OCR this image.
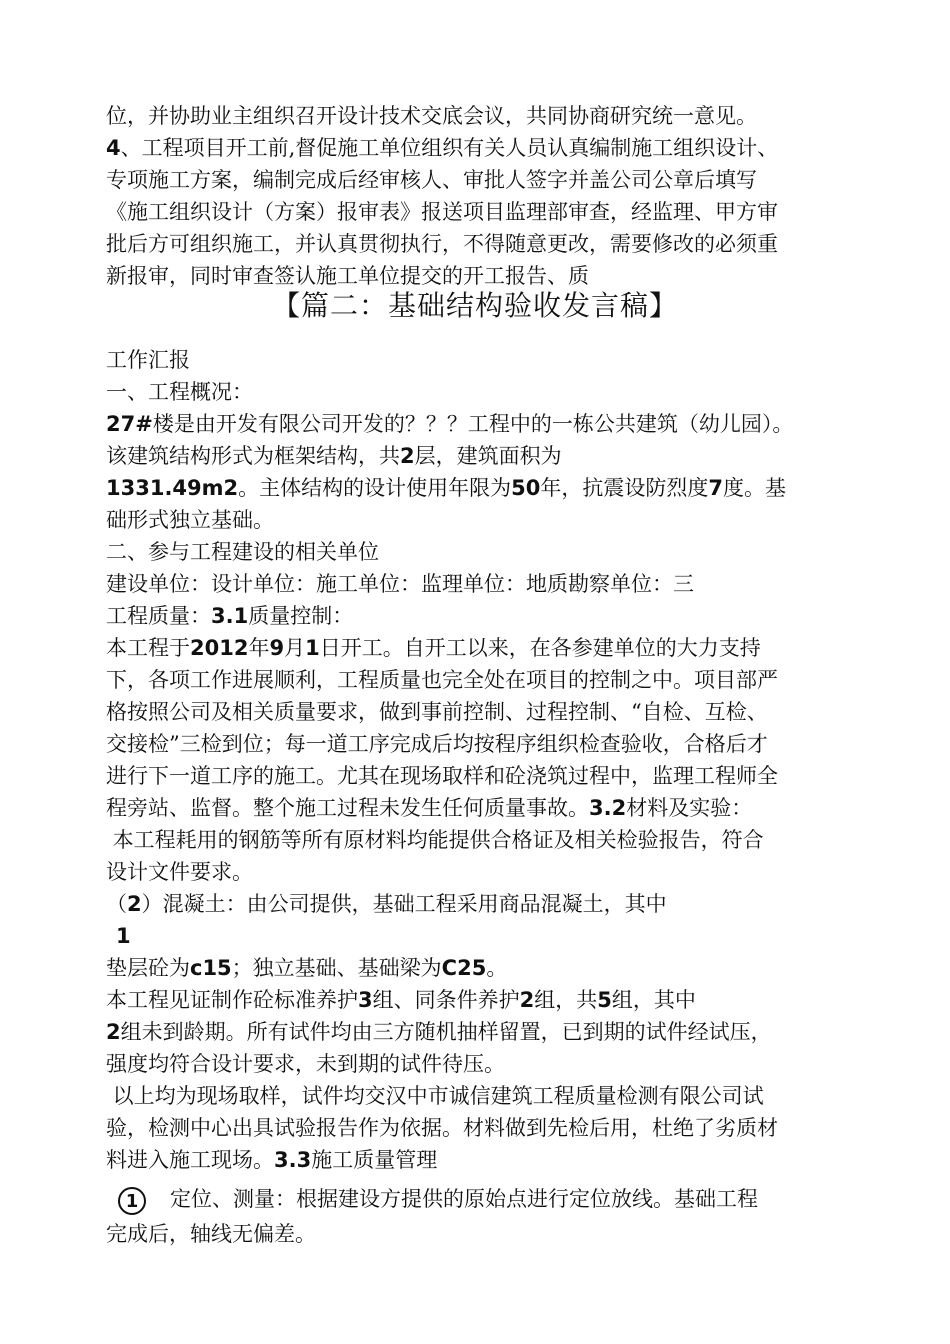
位，并协助业主组织召开设计技术交底会议，共同协商研究统一意见。
4、工程项目开工前,督促施工单位组织有关人员认真编制施工组织设计、
专项施工方案，编制完成后经审核人、审批人签字并盖公司公章后填写
《施工组织设计（方案）报审表》报送项目监理部审查，经监理、甲方审
批后方可组织施工，并认真贯彻执行，不得随意更改，需要修改的必须重
新报审，同时审查签认施工单位提交的开工报告、质
【篇二：基础结构验收发言稿】
工作汇报
一、工程概况：
27#楼是由开发有限公司开发的？？？工程中的一栋公共建筑（幼儿园）。
该建筑结构形式为框架结构，共2层，建筑面积为
1331.49m2。主体结构的设计使用年限为50年，抗震设防烈度7度。基
础形式独立基础。
二、参与工程建设的相关单位
建设单位：设计单位：施工单位：监理单位：地质勘察单位：三
工程质量：3.1质量控制：
本工程于2012年9月1日开工。自开工以来，在各参建单位的大力支持
下，各项工作进展顺利，工程质量也完全处在项目的控制之中。项目部严
格按照公司及相关质量要求，做到事前控制、过程控制、“自检、互检、
交接检”三检到位；每一道工序完成后均按程序组织检查验收，合格后才
进行下一道工序的施工。尤其在现场取样和砼浇筑过程中，监理工程师全
程旁站、监督。整个施工过程未发生任何质量事故。3.2材料及实验：
本工程耗用的钢筋等所有原材料均能提供合格证及相关检验报告，符合
设计文件要求。
（2）混凝土：由公司提供，基础工程采用商品混凝土，其中
1
垫层砼为c15；独立基础、基础梁为C25。
本工程见证制作砼标准养护3组、同条件养护2组，共5组，其中
2组未到龄期。所有试件均由三方随机抽样留置，已到期的试件经试压，
强度均符合设计要求，未到期的试件待压。
以上均为现场取样，试件均交汉中市诚信建筑工程质量检测有限公司试
验，检测中心出具试验报告作为依据。材料做到先检后用，杜绝了劣质材
料进入施工现场。3.3施工质量管理
1 定位、测量：根据建设方提供的原始点进行定位放线。基础工程
完成后，轴线无偏差。
